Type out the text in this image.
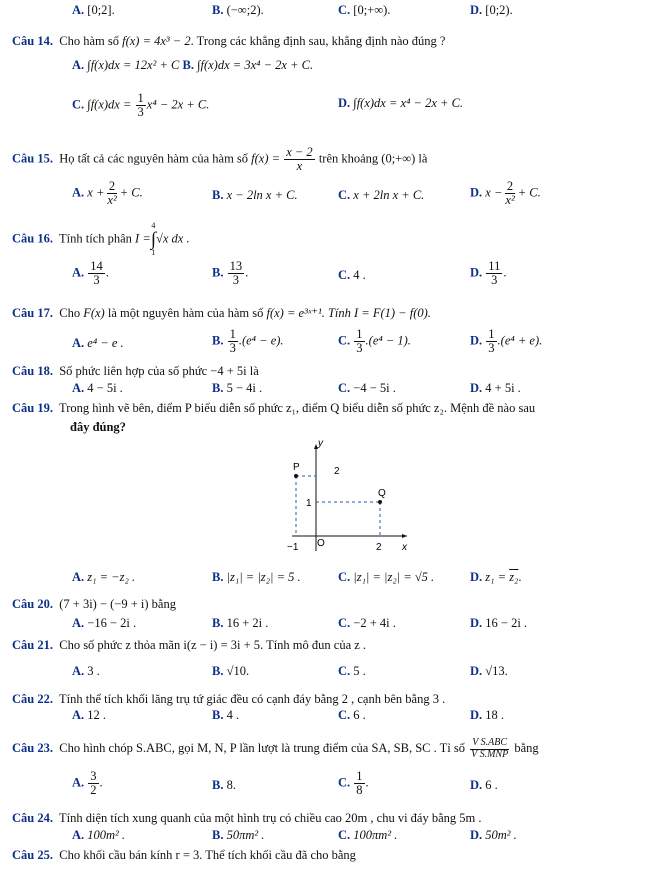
A. [0;2].	B. (−∞;2).	C. [0;+∞).	D. [0;2).
Câu 14. Cho hàm số f(x) = 4x³ − 2. Trong các khẳng định sau, khẳng định nào đúng ?
A. ∫f(x)dx = 12x² + C B. ∫f(x)dx = 3x⁴ − 2x + C.
C. $\int f(x)dx = \frac{1}{3} x^4 - 2x + C$.	D. ∫f(x)dx = x⁴ − 2x + C.
Câu 15. Họ tất cả các nguyên hàm của hàm số $f(x) = \frac{x - 2}{x}$ trên khoảng (0;+∞) là
A. $x + \frac{2}{\text{x²}} + C$.	B. x − 2ln x + C.	C. x + 2ln x + C.	D. $x - \frac{2}{\text{x²}} + C$.
Câu 16. Tính tích phân I =
4
∫
1
√x dx .
A. $\frac{14}{3}$ .	B. $\frac{13}{3}$ .	C. 4 .	D. $\frac{11}{3}$ .
Câu 17. Cho F(x) là một nguyên hàm của hàm số f(x) = e³ˣ⁺¹. Tính I = F(1) − f(0).
A. e⁴ − e .	B. $\frac{1}{3} .(e^4 - e)$.	C. $\frac{1}{3} .(e^4 - 1)$.	D. $\frac{1}{3} .(e^4 + e)$.
Câu 18. Số phức liên hợp của số phức −4 + 5i là
A. 4 − 5i .	B. 5 − 4i .	C. −4 − 5i .	D. 4 + 5i .
Câu 19. Trong hình vẽ bên, điểm P biểu diễn số phức z₁, điểm Q biểu diễn số phức z₂. Mệnh đề nào sau
đây đúng?
y
x
P
Q
2
1
O
−1	2
A. z₁ = −z₂ .	B. |z₁| = |z₂| = 5 .	C. |z₁| = |z₂| = √5 .	D. z₁ = z₂.
Câu 20. (7 + 3i) − (−9 + i) bằng
A. −16 − 2i .	B. 16 + 2i .	C. −2 + 4i .	D. 16 − 2i .
Câu 21. Cho số phức z thỏa mãn i(z − i) = 3i + 5. Tính mô đun của z .
A. 3 .	B. √10.	C. 5 .	D. √13.
Câu 22. Tính thể tích khối lăng trụ tứ giác đều có cạnh đáy bằng 2 , cạnh bên bằng 3 .
A. 12 .	B. 4 .	C. 6 .	D. 18 .
Câu 23. Cho hình chóp S.ABC, gọi M, N, P lần lượt là trung điểm của SA, SB, SC . Tỉ số $\frac{\text{V S.ABC}}{\text{V S.MNP}}$ bằng
A. $\frac{3}{2}$ .	B. 8.	C. $\frac{1}{8}$ .	D. 6 .
Câu 24. Tính diện tích xung quanh của một hình trụ có chiều cao 20m , chu vi đáy bằng 5m .
A. 100m² .	B. 50πm² .	C. 100πm² .	D. 50m² .
Câu 25. Cho khối cầu bán kính r = 3. Thể tích khối cầu đã cho bằng
